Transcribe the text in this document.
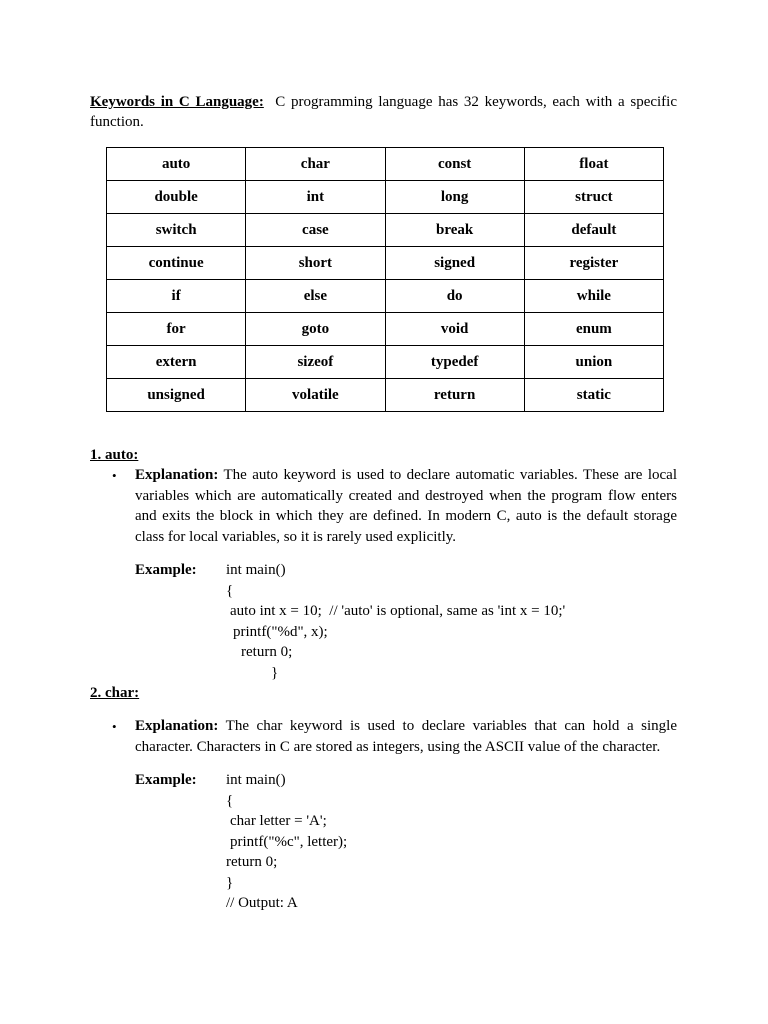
Keywords in C Language: C programming language has 32 keywords, each with a specific function.
auto	char	const	float
double	int	long	struct
switch	case	break	default
continue	short	signed	register
if	else	do	while
for	goto	void	enum
extern	sizeof	typedef	union
unsigned	volatile	return	static
1. auto:
• Explanation: The auto keyword is used to declare automatic variables. These are local variables which are automatically created and destroyed when the program flow enters and exits the block in which they are defined. In modern C, auto is the default storage class for local variables, so it is rarely used explicitly.
Example: int main()
{
auto int x = 10;  // 'auto' is optional, same as 'int x = 10;'
printf("%d", x);
return 0;
}
2. char:
• Explanation: The char keyword is used to declare variables that can hold a single character. Characters in C are stored as integers, using the ASCII value of the character.
Example: int main()
{
char letter = 'A';
printf("%c", letter);
return 0;
}
// Output: A
